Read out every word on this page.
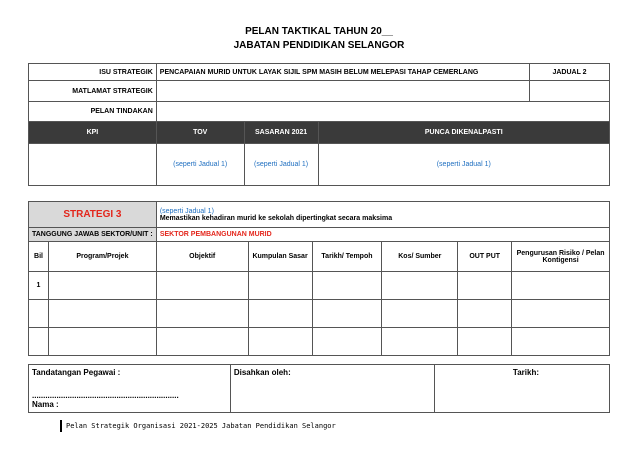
PELAN TAKTIKAL TAHUN 20__
JABATAN PENDIDIKAN SELANGOR
ISU STRATEGIK	PENCAPAIAN MURID UNTUK LAYAK SIJIL SPM MASIH BELUM MELEPASI TAHAP CEMERLANG			JADUAL 2
MATLAMAT STRATEGIK				
PELAN TINDAKAN				
KPI	TOV	SASARAN 2021	PUNCA DIKENALPASTI	
	(seperti Jadual 1)	(seperti Jadual 1)	(seperti Jadual 1)	
STRATEGI 3		(seperti Jadual 1)
Memastikan kehadiran murid ke sekolah dipertingkat secara maksima					

TANGGUNG JAWAB SEKTOR/UNIT :		SEKTOR PEMBANGUNAN MURID					
Bil	Program/Projek	Objektif	Kumpulan Sasar	Tarikh/ Tempoh	Kos/ Sumber	OUT PUT	Pengurusan Risiko / Pelan Kontigensi
1							

Tandatangan Pegawai :
..................................................................
Nama :
	Disahkan oleh:	Tarikh:
Pelan Strategik Organisasi 2021-2025 Jabatan Pendidikan Selangor
